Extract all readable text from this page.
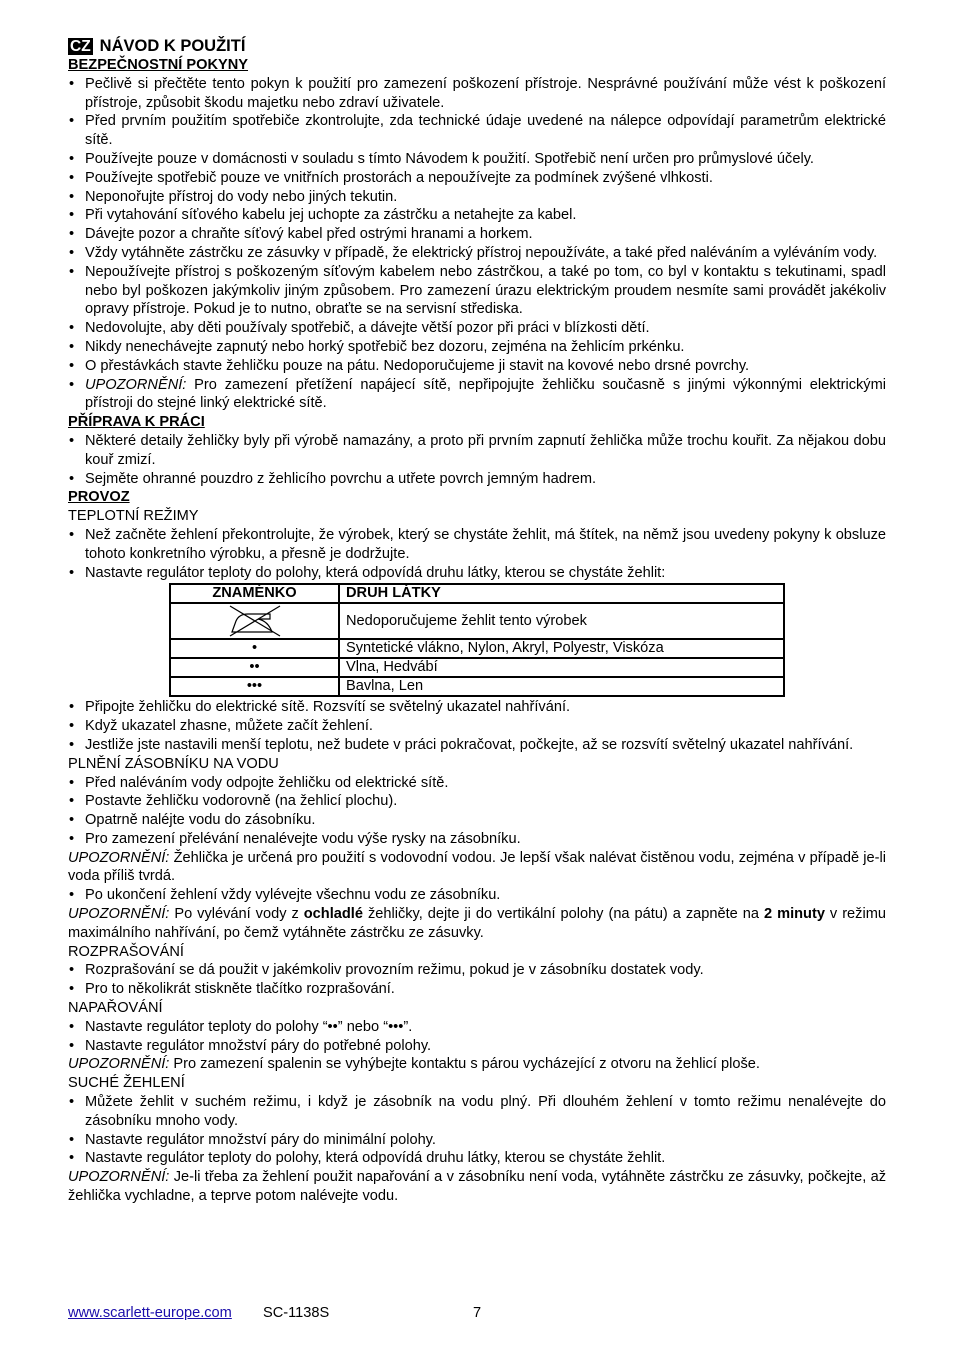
CZ NÁVOD K POUŽITÍ
BEZPEČNOSTNÍ POKYNY
• Pečlivě si přečtěte tento pokyn k použití pro zamezení poškození přístroje. Nesprávné používání může vést k poškození přístroje, způsobit škodu majetku nebo zdraví uživatele.
• Před prvním použitím spotřebiče zkontrolujte, zda technické údaje uvedené na nálepce odpovídají parametrům elektrické sítě.
• Používejte pouze v domácnosti v souladu s tímto Návodem k použití. Spotřebič není určen pro průmyslové účely.
• Používejte spotřebič pouze ve vnitřních prostorách a nepoužívejte za podmínek zvýšené vlhkosti.
• Neponořujte přístroj do vody nebo jiných tekutin.
• Při vytahování síťového kabelu jej uchopte za zástrčku a netahejte za kabel.
• Dávejte pozor a chraňte síťový kabel před ostrými hranami a horkem.
• Vždy vytáhněte zástrčku ze zásuvky v případě, že elektrický přístroj nepoužíváte, a také před naléváním a vyléváním vody.
• Nepoužívejte přístroj s poškozeným síťovým kabelem nebo zástrčkou, a také po tom, co byl v kontaktu s tekutinami, spadl nebo byl poškozen jakýmkoliv jiným způsobem. Pro zamezení úrazu elektrickým proudem nesmíte sami provádět jakékoliv opravy přístroje. Pokud je to nutno, obraťte se na servisní střediska.
• Nedovolujte, aby děti používaly spotřebič, a dávejte větší pozor při práci v blízkosti dětí.
• Nikdy nenechávejte zapnutý nebo horký spotřebič bez dozoru, zejména na žehlicím prkénku.
• O přestávkách stavte žehličku pouze na pátu. Nedoporučujeme ji stavit na kovové nebo drsné povrchy.
• UPOZORNĚNÍ: Pro zamezení přetížení napájecí sítě, nepřipojujte žehličku současně s jinými výkonnými elektrickými přístroji do stejné linký elektrické sítě.
PŘÍPRAVA K PRÁCI
• Některé detaily žehličky byly při výrobě namazány, a proto při prvním zapnutí žehlička může trochu kouřit. Za nějakou dobu kouř zmizí.
• Sejměte ohranné pouzdro z žehlicího povrchu a utřete povrch jemným hadrem.
PROVOZ
TEPLOTNÍ REŽIMY
• Než začněte žehlení překontrolujte, že výrobek, který se chystáte žehlit, má štítek, na němž jsou uvedeny pokyny k obsluze tohoto konkretního výrobku, a přesně je dodržujte.
• Nastavte regulátor teploty do polohy, která odpovídá druhu látky, kterou se chystáte žehlit:
ZNAMÉNKO	DRUH LÁTKY

	Nedoporučujeme žehlit tento výrobek
•	Syntetické vlákno, Nylon, Akryl, Polyestr, Viskóza
••	Vlna, Hedvábí
•••	Bavlna, Len
• Připojte žehličku do elektrické sítě. Rozsvítí se světelný ukazatel nahřívání.
• Když ukazatel zhasne, můžete začít žehlení.
• Jestliže jste nastavili menší teplotu, než budete v práci pokračovat, počkejte, až se rozsvítí světelný ukazatel nahřívání.
PLNĚNÍ ZÁSOBNÍKU NA VODU
• Před naléváním vody odpojte žehličku od elektrické sítě.
• Postavte žehličku vodorovně (na žehlicí plochu).
• Opatrně naléjte vodu do zásobníku.
• Pro zamezení přelévání nenalévejte vodu výše rysky na zásobníku.
UPOZORNĚNÍ: Žehlička je určená pro použití s vodovodní vodou. Je lepší však nalévat čistěnou vodu, zejména v případě je-li voda příliš tvrdá.
• Po ukončení žehlení vždy vylévejte všechnu vodu ze zásobníku.
UPOZORNĚNÍ: Po vylévání vody z ochladlé žehličky, dejte ji do vertikální polohy (na pátu) a zapněte na 2 minuty v režimu maximálního nahřívání, po čemž vytáhněte zástrčku ze zásuvky.
ROZPRAŠOVÁNÍ
• Rozprašování se dá použit v jakémkoliv provozním režimu, pokud je v zásobníku dostatek vody.
• Pro to několikrát stiskněte tlačítko rozprašování.
NAPAŘOVÁNÍ
• Nastavte regulátor teploty do polohy “••” nebo “•••”.
• Nastavte regulátor množství páry do potřebné polohy.
UPOZORNĚNÍ: Pro zamezení spalenin se vyhýbejte kontaktu s párou vycházející z otvoru na žehlicí ploše.
SUCHÉ ŽEHLENÍ
• Můžete žehlit v suchém režimu, i když je zásobník na vodu plný. Při dlouhém žehlení v tomto režimu nenalévejte do zásobníku mnoho vody.
• Nastavte regulátor množství páry do minimální polohy.
• Nastavte regulátor teploty do polohy, která odpovídá druhu látky, kterou se chystáte žehlit.
UPOZORNĚNÍ: Je-li třeba za žehlení použit napařování a v zásobníku není voda, vytáhněte zástrčku ze zásuvky, počkejte, až žehlička vychladne, a teprve potom nalévejte vodu.
www.scarlett-europe.com SC-1138S	7
